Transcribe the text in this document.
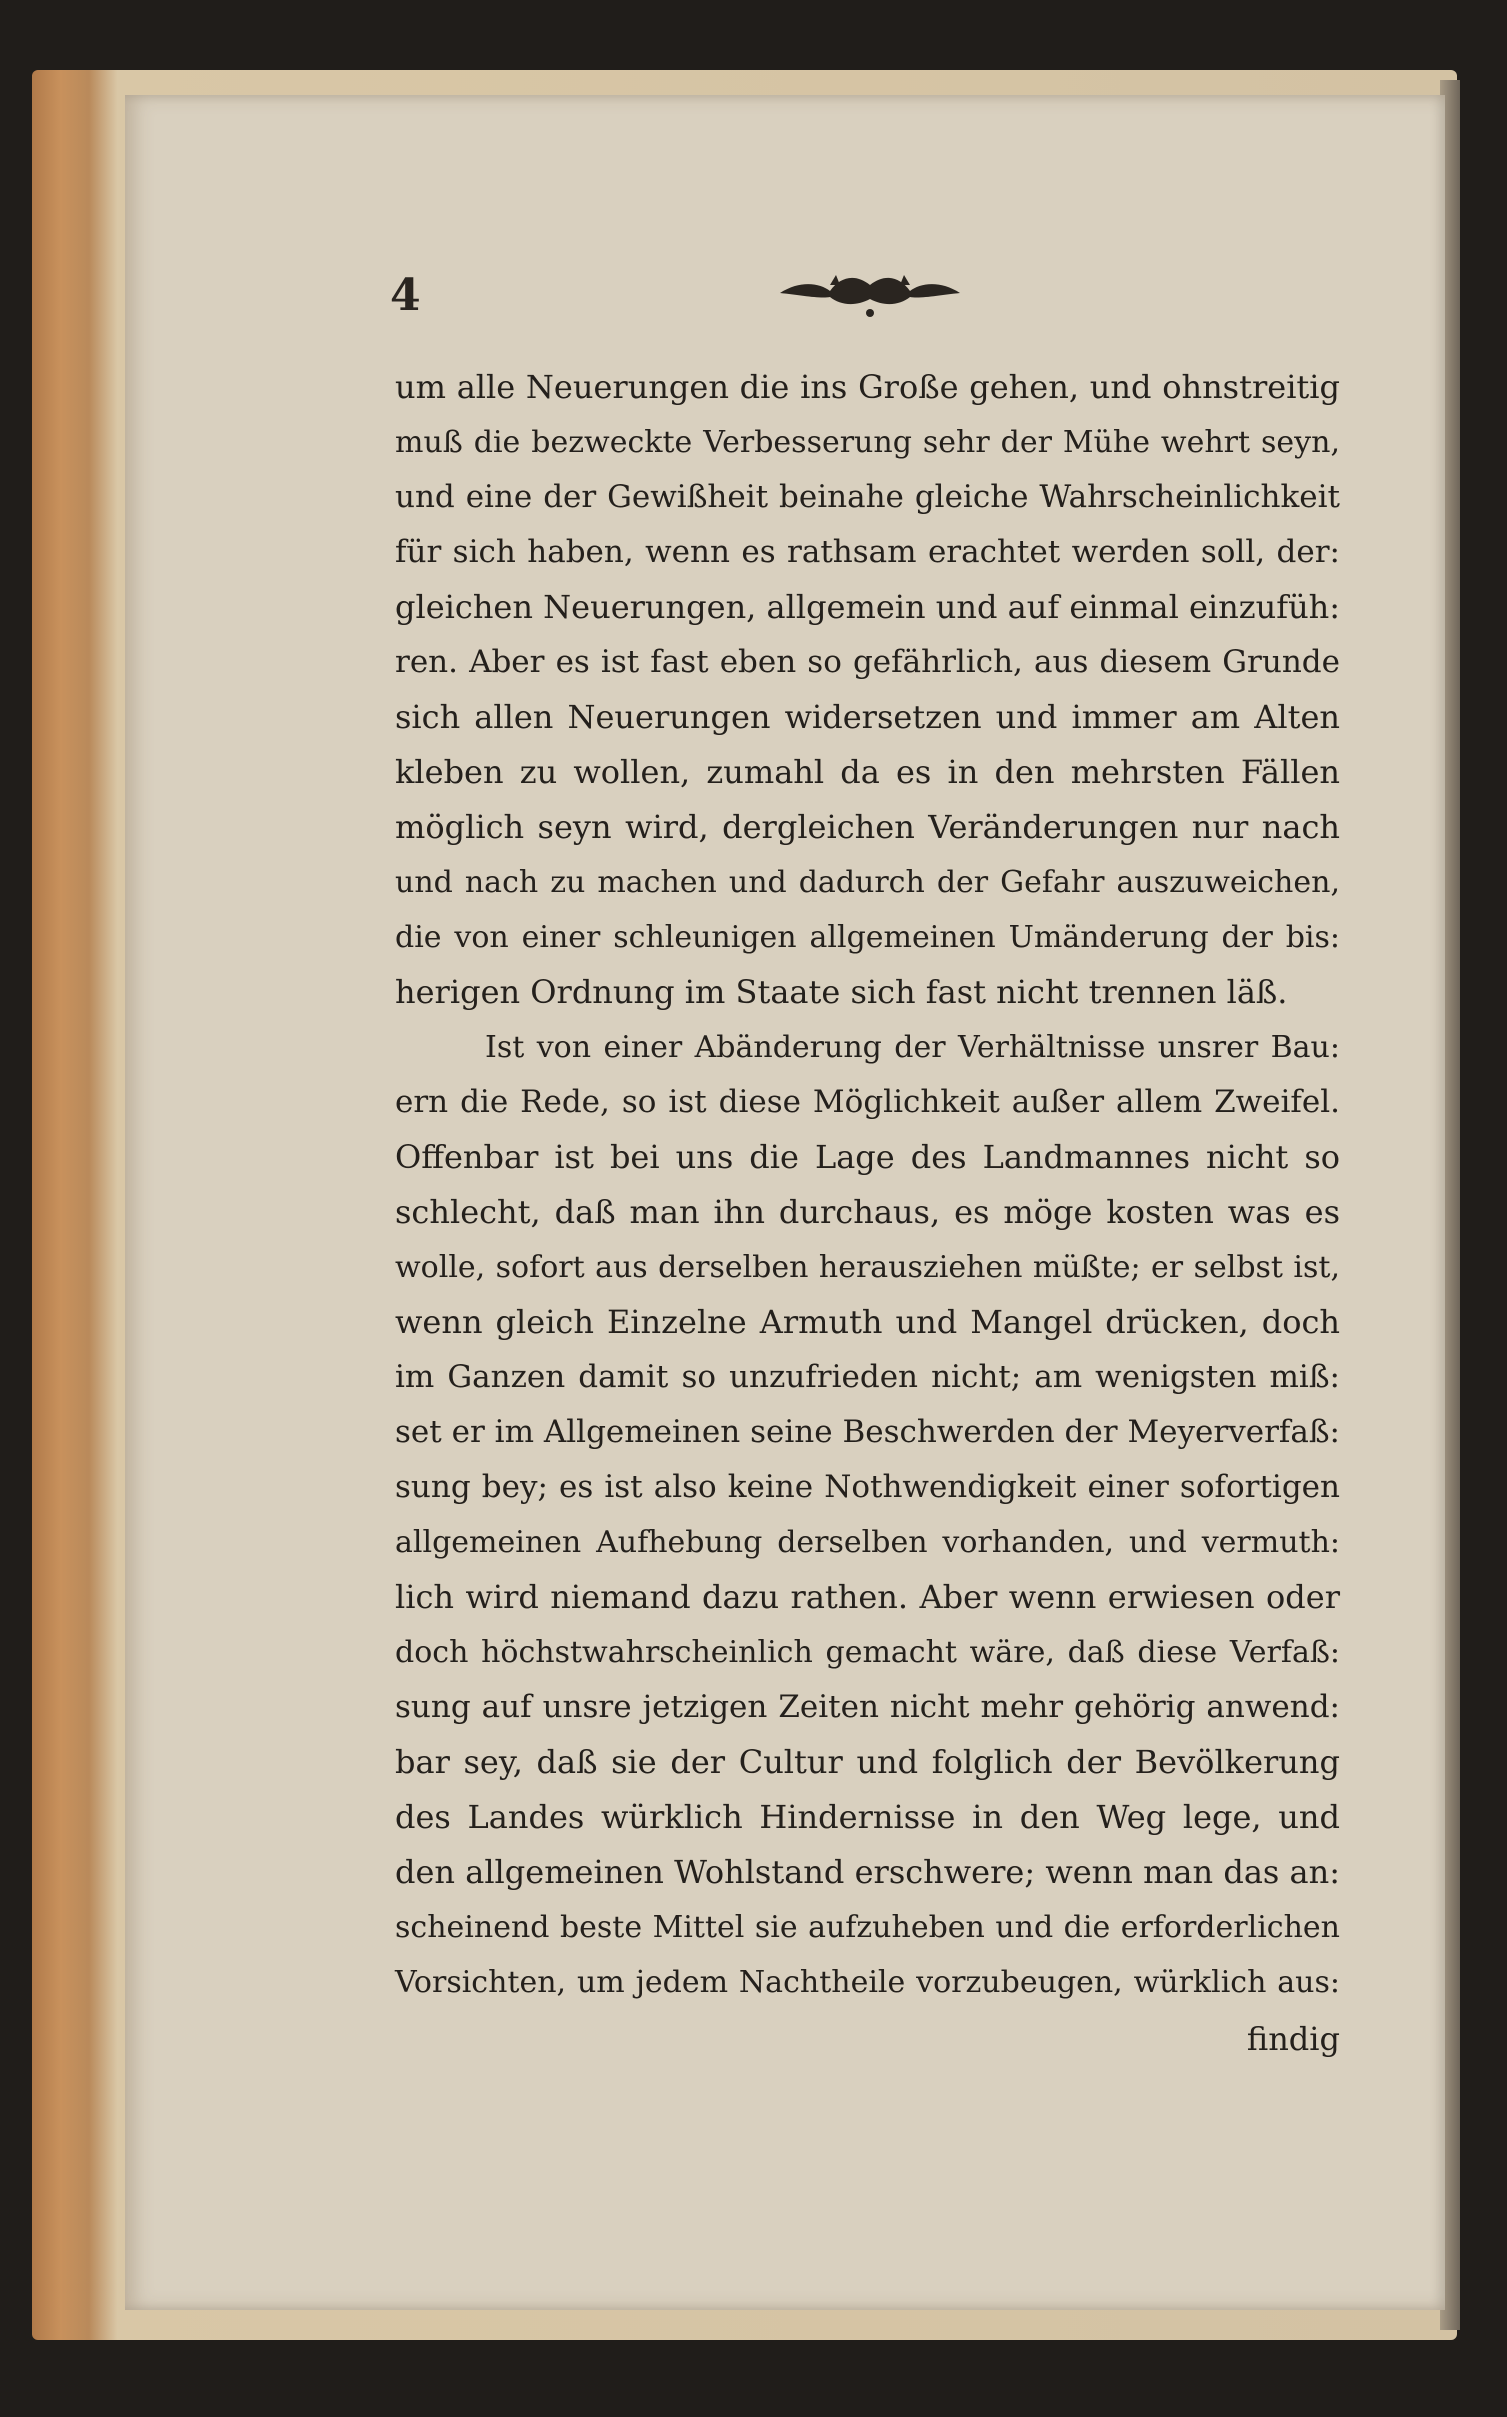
4
um alle Neuerungen die ins Große gehen, und ohnstreitig
muß die bezweckte Verbesserung sehr der Mühe wehrt seyn,
und eine der Gewißheit beinahe gleiche Wahrscheinlichkeit
für sich haben, wenn es rathsam erachtet werden soll, der:
gleichen Neuerungen, allgemein und auf einmal einzufüh:
ren. Aber es ist fast eben so gefährlich, aus diesem Grunde
sich allen Neuerungen widersetzen und immer am Alten
kleben zu wollen, zumahl da es in den mehrsten Fällen
möglich seyn wird, dergleichen Veränderungen nur nach
und nach zu machen und dadurch der Gefahr auszuweichen,
die von einer schleunigen allgemeinen Umänderung der bis:
herigen Ordnung im Staate sich fast nicht trennen läß.
Ist von einer Abänderung der Verhältnisse unsrer Bau:
ern die Rede, so ist diese Möglichkeit außer allem Zweifel.
Offenbar ist bei uns die Lage des Landmannes nicht so
schlecht, daß man ihn durchaus, es möge kosten was es
wolle, sofort aus derselben herausziehen müßte; er selbst ist,
wenn gleich Einzelne Armuth und Mangel drücken, doch
im Ganzen damit so unzufrieden nicht; am wenigsten miß:
set er im Allgemeinen seine Beschwerden der Meyerverfaß:
sung bey; es ist also keine Nothwendigkeit einer sofortigen
allgemeinen Aufhebung derselben vorhanden, und vermuth:
lich wird niemand dazu rathen. Aber wenn erwiesen oder
doch höchstwahrscheinlich gemacht wäre, daß diese Verfaß:
sung auf unsre jetzigen Zeiten nicht mehr gehörig anwend:
bar sey, daß sie der Cultur und folglich der Bevölkerung
des Landes würklich Hindernisse in den Weg lege, und
den allgemeinen Wohlstand erschwere; wenn man das an:
scheinend beste Mittel sie aufzuheben und die erforderlichen
Vorsichten, um jedem Nachtheile vorzubeugen, würklich aus:
findig
